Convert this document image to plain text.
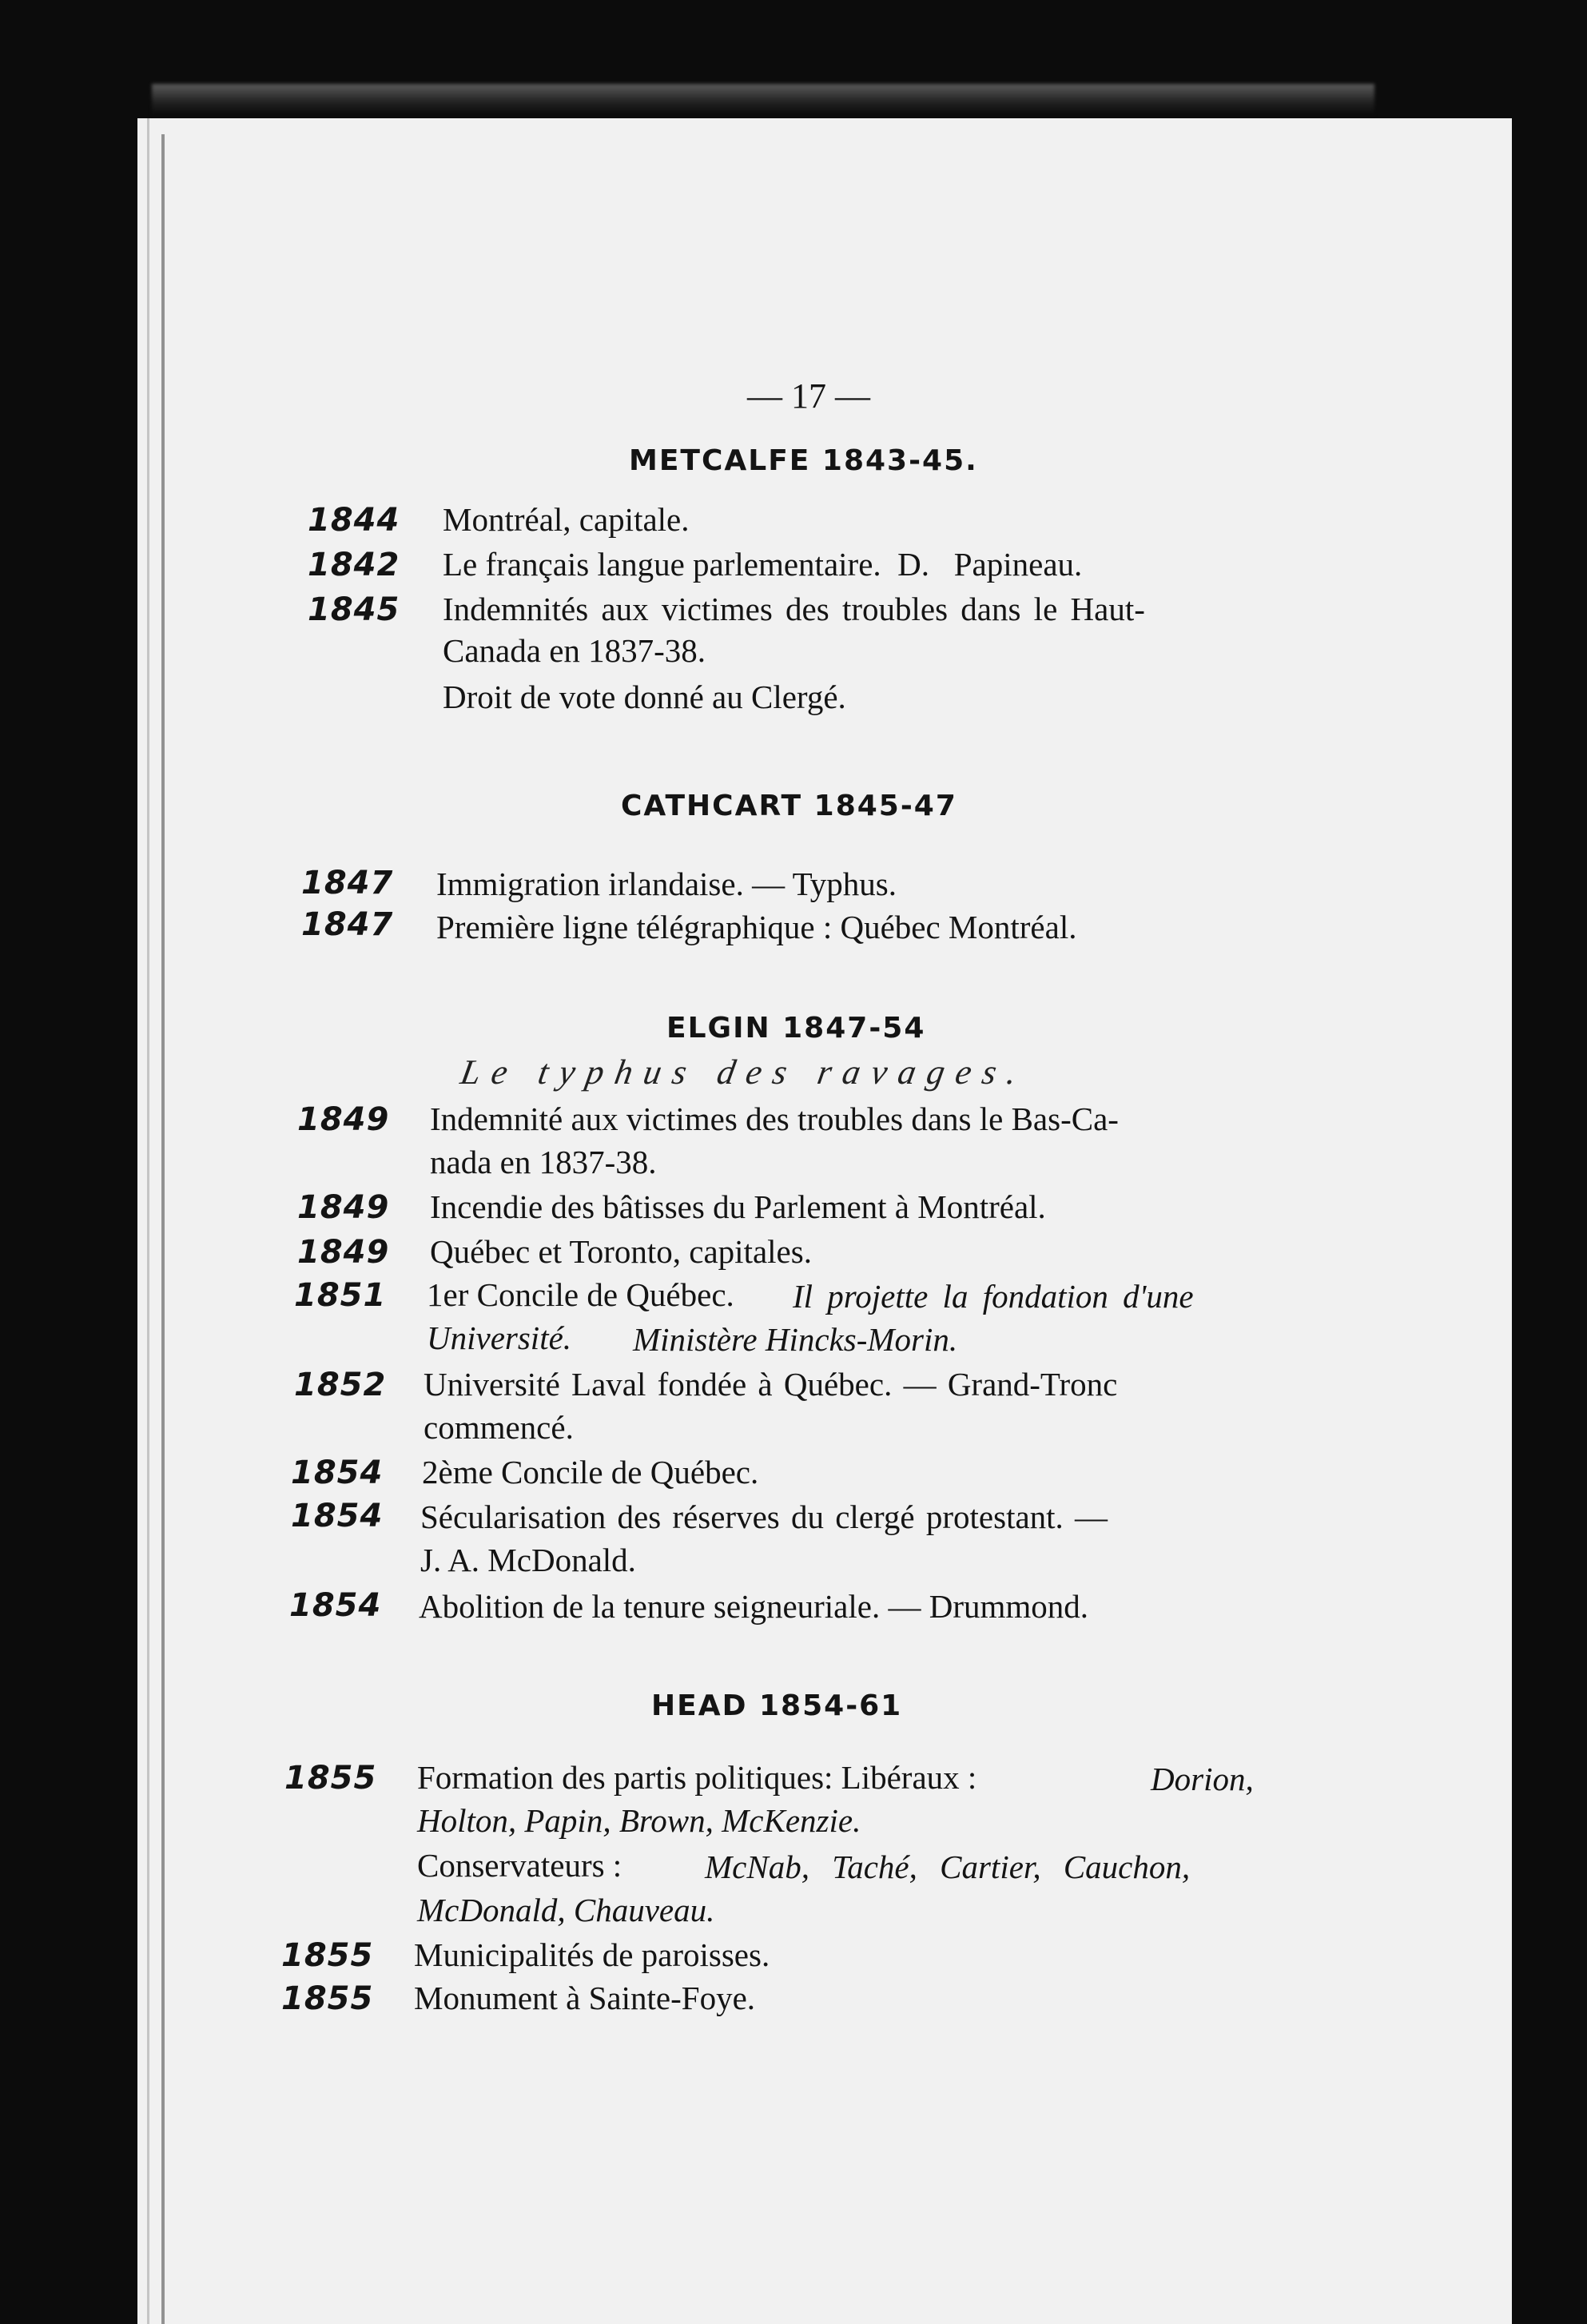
— 17 —
METCALFE 1843-45.
1844 Montréal, capitale.
1842 Le français langue parlementaire.  D.   Papineau.
1845 Indemnités aux victimes des troubles dans le Haut-
Canada en 1837-38.
Droit de vote donné au Clergé.
CATHCART 1845-47
1847 Immigration irlandaise. — Typhus.
1847 Première ligne télégraphique : Québec Montréal.
ELGIN 1847-54
Le typhus des ravages.
1849 Indemnité aux victimes des troubles dans le Bas-Ca-
nada en 1837-38.
1849 Incendie des bâtisses du Parlement à Montréal.
1849 Québec et Toronto, capitales.
1851 1er Concile de Québec. Il projette la fondation d'une
Université. Ministère Hincks-Morin.
1852 Université Laval fondée à Québec. — Grand-Tronc
commencé.
1854 2ème Concile de Québec.
1854 Sécularisation des réserves du clergé protestant. —
J. A. McDonald.
1854 Abolition de la tenure seigneuriale. — Drummond.
HEAD 1854-61
1855 Formation des partis politiques: Libéraux :	Dorion,
Holton, Papin, Brown, McKenzie.
Conservateurs :	McNab, Taché, Cartier, Cauchon,
McDonald, Chauveau.
1855 Municipalités de paroisses.
1855 Monument à Sainte-Foye.
